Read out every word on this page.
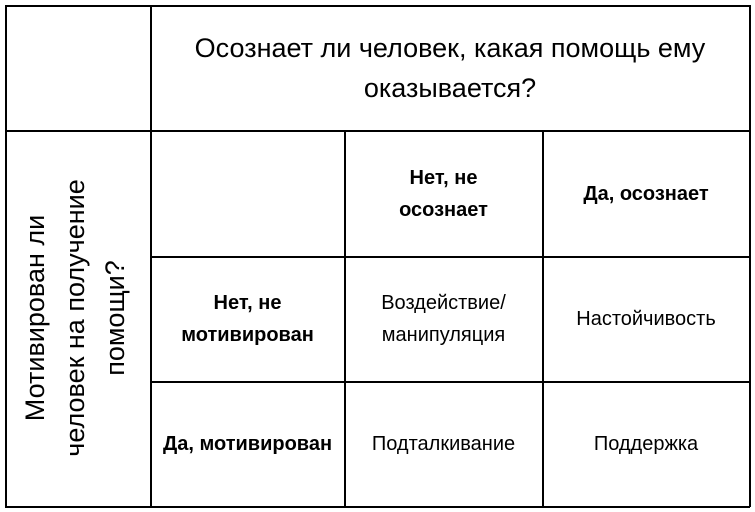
Осознает ли человек, какая помощь ему оказывается?
Мотивирован ли человек на получение помощи?
Нет, не осознает
Да, осознает
Нет, не мотивирован
Да, мотивирован
Воздействие/ манипуляция
Настойчивость
Подталкивание	Поддержка
